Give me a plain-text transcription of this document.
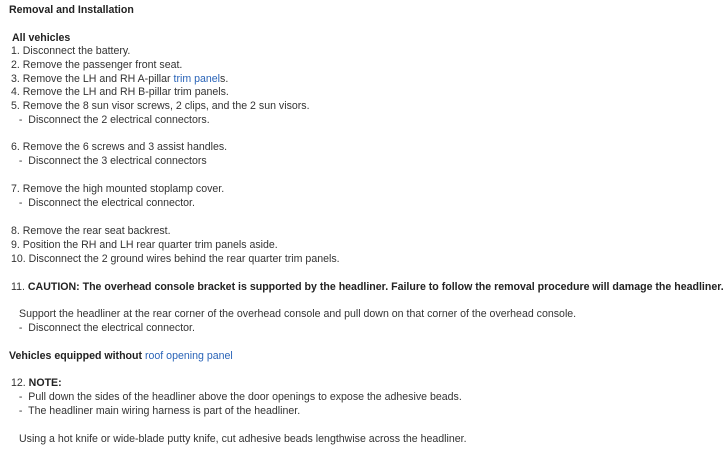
Removal and Installation
All vehicles
1. Disconnect the battery.
2. Remove the passenger front seat.
3. Remove the LH and RH A-pillar trim panels.
4. Remove the LH and RH B-pillar trim panels.
5. Remove the 8 sun visor screws, 2 clips, and the 2 sun visors.
-  Disconnect the 2 electrical connectors.
6. Remove the 6 screws and 3 assist handles.
-  Disconnect the 3 electrical connectors
7. Remove the high mounted stoplamp cover.
-  Disconnect the electrical connector.
8. Remove the rear seat backrest.
9. Position the RH and LH rear quarter trim panels aside.
10. Disconnect the 2 ground wires behind the rear quarter trim panels.
11. CAUTION: The overhead console bracket is supported by the headliner. Failure to follow the removal procedure will damage the headliner.
Support the headliner at the rear corner of the overhead console and pull down on that corner of the overhead console.
-  Disconnect the electrical connector.
Vehicles equipped without roof opening panel
12. NOTE:
-  Pull down the sides of the headliner above the door openings to expose the adhesive beads.
-  The headliner main wiring harness is part of the headliner.
Using a hot knife or wide-blade putty knife, cut adhesive beads lengthwise across the headliner.
